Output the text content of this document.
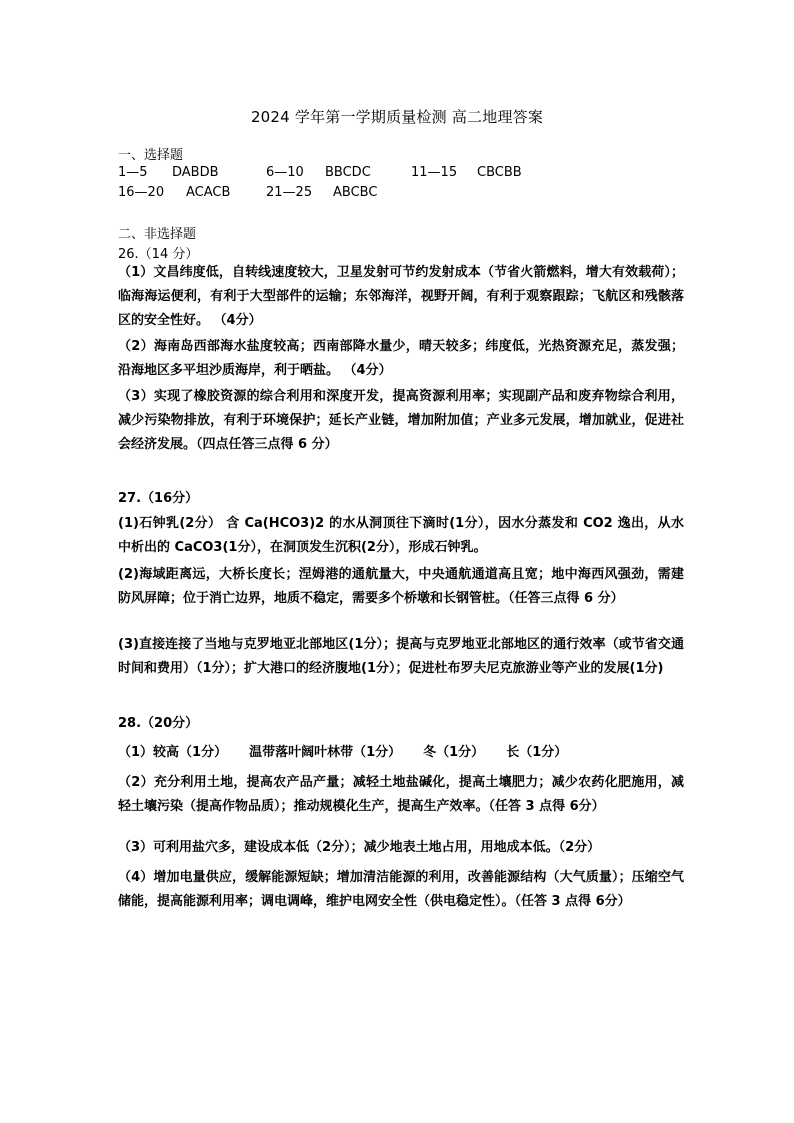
2024 学年第一学期质量检测 高二地理答案
一、选择题
1—5 DABDB	6—10 BBCDC	11—15 CBCBB
16—20 ACACB	21—25 ABCBC
二、非选择题
26.（14 分）
（1）文昌纬度低，自转线速度较大，卫星发射可节约发射成本（节省火箭燃料，增大有效载荷）；临海海运便利，有利于大型部件的运输；东邻海洋，视野开阔，有利于观察跟踪；飞航区和残骸落区的安全性好。 （4分）
（2）海南岛西部海水盐度较高；西南部降水量少，晴天较多；纬度低，光热资源充足，蒸发强；沿海地区多平坦沙质海岸，利于晒盐。 （4分）
（3）实现了橡胶资源的综合利用和深度开发，提高资源利用率；实现副产品和废弃物综合利用，减少污染物排放，有利于环境保护；延长产业链，增加附加值；产业多元发展，增加就业，促进社会经济发展。（四点任答三点得 6 分）
27.（16分）
(1)石钟乳(2分） 含 Ca(HCO3)2 的水从洞顶往下滴时(1分），因水分蒸发和 CO2 逸出，从水中析出的 CaCO3(1分），在洞顶发生沉积(2分），形成石钟乳。
(2)海域距离远，大桥长度长；涅姆港的通航量大，中央通航通道高且宽；地中海西风强劲，需建防风屏障；位于消亡边界，地质不稳定，需要多个桥墩和长钢管桩。（任答三点得 6 分）
(3)直接连接了当地与克罗地亚北部地区(1分）；提高与克罗地亚北部地区的通行效率（或节省交通时间和费用）（1分）；扩大港口的经济腹地(1分）；促进杜布罗夫尼克旅游业等产业的发展(1分)
28.（20分）
（1）较高（1分） 温带落叶阔叶林带（1分） 冬（1分） 长（1分）
（2）充分利用土地，提高农产品产量；减轻土地盐碱化，提高土壤肥力；减少农药化肥施用，减轻土壤污染（提高作物品质）；推动规模化生产，提高生产效率。（任答 3 点得 6分）
（3）可利用盐穴多，建设成本低（2分）；减少地表土地占用，用地成本低。（2分）
（4）增加电量供应，缓解能源短缺；增加清洁能源的利用，改善能源结构（大气质量）；压缩空气储能，提高能源利用率；调电调峰，维护电网安全性（供电稳定性）。（任答 3 点得 6分）
